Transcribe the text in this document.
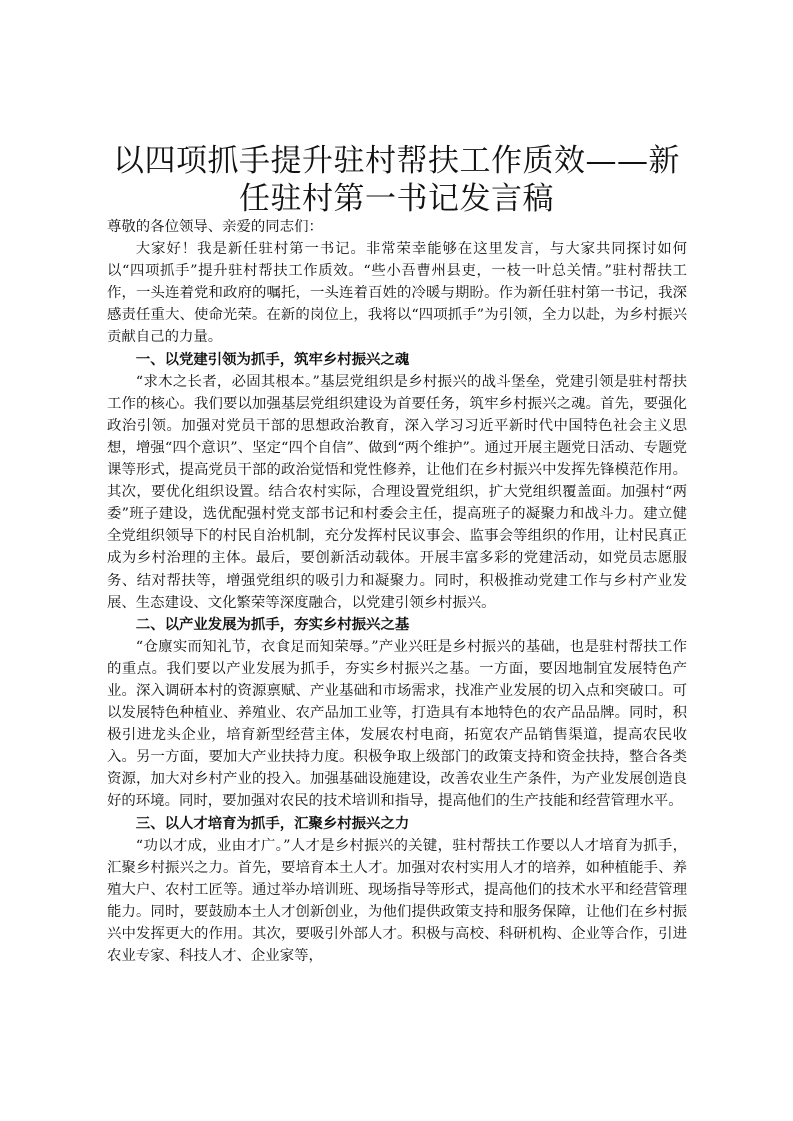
以四项抓手提升驻村帮扶工作质效——新任驻村第一书记发言稿

尊敬的各位领导、亲爱的同志们：

大家好！我是新任驻村第一书记。非常荣幸能够在这里发言，与大家共同探讨如何以“四项抓手”提升驻村帮扶工作质效。“些小吾曹州县吏，一枝一叶总关情。”驻村帮扶工作，一头连着党和政府的嘱托，一头连着百姓的冷暖与期盼。作为新任驻村第一书记，我深感责任重大、使命光荣。在新的岗位上，我将以“四项抓手”为引领，全力以赴，为乡村振兴贡献自己的力量。

一、以党建引领为抓手，筑牢乡村振兴之魂

“求木之长者，必固其根本。”基层党组织是乡村振兴的战斗堡垒，党建引领是驻村帮扶工作的核心。我们要以加强基层党组织建设为首要任务，筑牢乡村振兴之魂。首先，要强化政治引领。加强对党员干部的思想政治教育，深入学习习近平新时代中国特色社会主义思想，增强“四个意识”、坚定“四个自信”、做到“两个维护”。通过开展主题党日活动、专题党课等形式，提高党员干部的政治觉悟和党性修养，让他们在乡村振兴中发挥先锋模范作用。其次，要优化组织设置。结合农村实际，合理设置党组织，扩大党组织覆盖面。加强村“两委”班子建设，选优配强村党支部书记和村委会主任，提高班子的凝聚力和战斗力。建立健全党组织领导下的村民自治机制，充分发挥村民议事会、监事会等组织的作用，让村民真正成为乡村治理的主体。最后，要创新活动载体。开展丰富多彩的党建活动，如党员志愿服务、结对帮扶等，增强党组织的吸引力和凝聚力。同时，积极推动党建工作与乡村产业发展、生态建设、文化繁荣等深度融合，以党建引领乡村振兴。

二、以产业发展为抓手，夯实乡村振兴之基

“仓廪实而知礼节，衣食足而知荣辱。”产业兴旺是乡村振兴的基础，也是驻村帮扶工作的重点。我们要以产业发展为抓手，夯实乡村振兴之基。一方面，要因地制宜发展特色产业。深入调研本村的资源禀赋、产业基础和市场需求，找准产业发展的切入点和突破口。可以发展特色种植业、养殖业、农产品加工业等，打造具有本地特色的农产品品牌。同时，积极引进龙头企业，培育新型经营主体，发展农村电商，拓宽农产品销售渠道，提高农民收入。另一方面，要加大产业扶持力度。积极争取上级部门的政策支持和资金扶持，整合各类资源，加大对乡村产业的投入。加强基础设施建设，改善农业生产条件，为产业发展创造良好的环境。同时，要加强对农民的技术培训和指导，提高他们的生产技能和经营管理水平。

三、以人才培育为抓手，汇聚乡村振兴之力

“功以才成，业由才广。”人才是乡村振兴的关键，驻村帮扶工作要以人才培育为抓手，汇聚乡村振兴之力。首先，要培育本土人才。加强对农村实用人才的培养，如种植能手、养殖大户、农村工匠等。通过举办培训班、现场指导等形式，提高他们的技术水平和经营管理能力。同时，要鼓励本土人才创新创业，为他们提供政策支持和服务保障，让他们在乡村振兴中发挥更大的作用。其次，要吸引外部人才。积极与高校、科研机构、企业等合作，引进农业专家、科技人才、企业家等，
